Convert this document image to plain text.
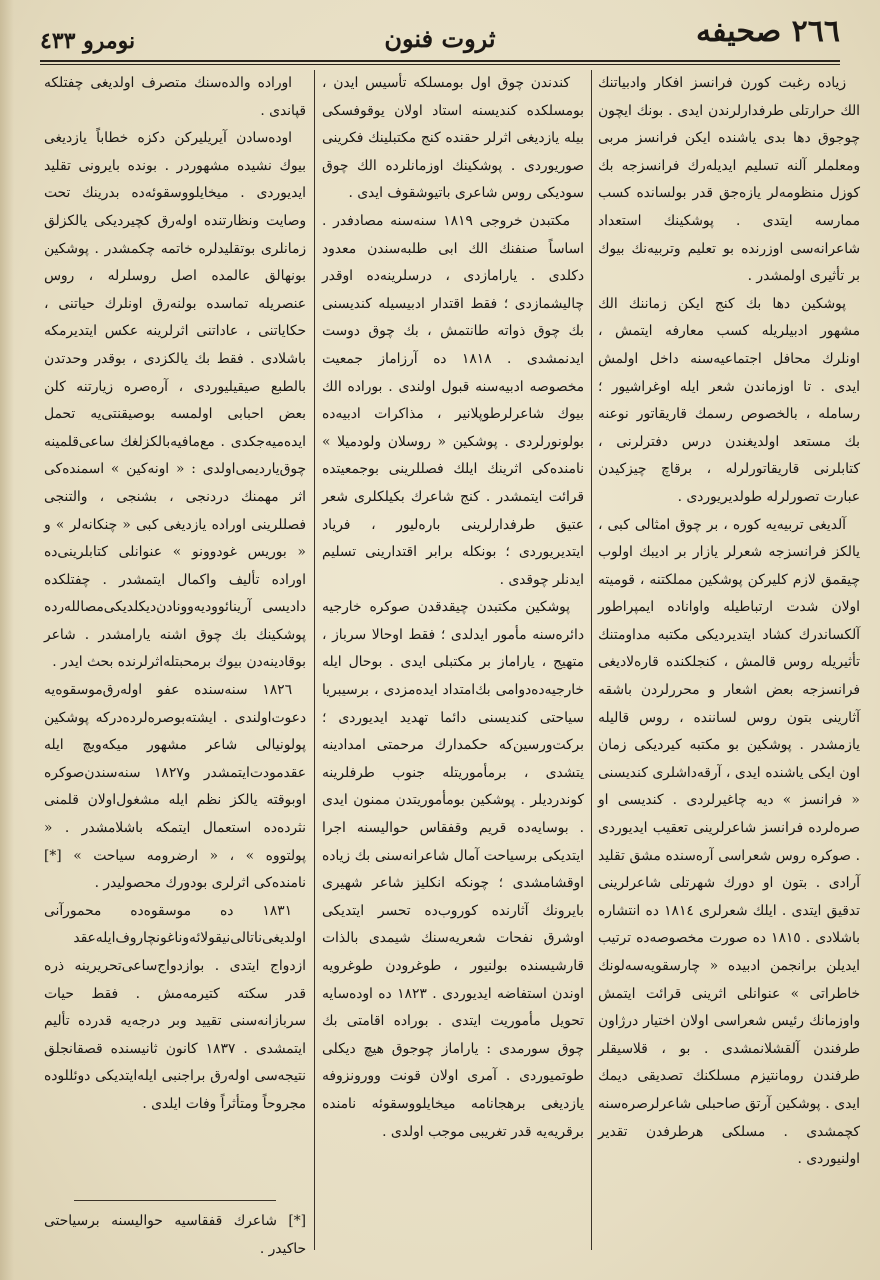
٢٦٦ صحیفه
ثروت فنون
نومرو ٤٣٣

زیاده رغبت کورن فرانسز افکار وادبیاتنك الك حرارتلی طرفدارلرندن ایدی . بونك ایچون چوجوق دها بدی یاشنده ایکن فرانسز مربی ومعلملر آلنه تسلیم ایدیله‌رك فرانسزجه بك کوزل منظومه‌لر یازه‌جق قدر بولسانده کسب ممارسه ایتدی . پوشکینك استعداد شاعرانه‌سی اوزرنده بو تعلیم وتربیه‌نك بیوك بر تأثیری اولمشدر .

پوشکین دها بك کنج ایکن زماننك الك مشهور ادبیلریله کسب معارفه ایتمش ، اونلرك محافل اجتماعیه‌سنه داخل اولمش ایدی . تا اوزماندن شعر ایله اوغراشیور ؛ رسامله ، بالخصوص رسمك قاریقاتور نوعنه بك مستعد اولدیغندن درس دفترلرنی ، کتابلرنی قاریقاتورلرله ، برقاچ چیزکیدن عبارت تصورلرله طولدیریوردی .

آلدیغی تربیه‌یه کوره ، بر چوق امثالی کبی ، یالکز فرانسزجه شعرلر یازار بر ادیبك اولوب چیقمق لازم کلیرکن پوشکین مملکتنه ، قومیته اولان شدت ارتباطیله واواناده ایمپراطور آلکساندرك کشاد ایتدیردیکی مکتبه مداومتنك تأثیریله روس قالمش ، کنجلکنده قارەلادیغی فرانسزجه بعض اشعار و محررلردن باشقه آثارینی بتون روس لساننده ، روس قالیله یازمشدر . پوشکین بو مکتبه کیردیکی زمان اون ایکی یاشنده ایدی ، آرقه‌داشلری کندیسنی « فرانسز » دیه چاغیرلردی . کندیسی او صره‌لرده فرانسز شاعرلرینی تعقیب ایدیوردی . صوکره روس شعراسی آره‌سنده مشق تقلید آرادی . بتون او دورك شهرتلی شاعرلرینی تدقیق ایتدی . ایلك شعرلری ١٨١٤ ده انتشاره باشلادی . ١٨١٥ ده صورت مخصوصه‌ده ترتیب ایدیلن برانجمن ادبیده « چارسقویه‌سه‌لونك خاطراتی » عنوانلی اثرینی قرائت ایتمش واوزمانك رئیس شعراسی اولان اختیار درژاون طرفندن آلقشلانمشدی . بو ، قلاسیقلر طرفندن رومانتیزم مسلکنك تصدیقی دیمك ایدی . پوشکین آرتق صاحبلی شاعرلرصره‌سنه کچمشدی . مسلکی هرطرفدن تقدیر اولنیوردی .

کندندن چوق اول بومسلکه تأسیس ایدن ، بومسلکده کندیسنه استاد اولان یوقوفسکی بیله یازدیغی اثرلر حقنده کنج مکتبلینك فکرینی صوریوردی . پوشکینك اوزمانلرده الك چوق سودیکی روس شاعری باتیوشقوف ایدی .

مکتبدن خروجی ١٨١٩ سنه‌سنه مصادفدر . اساساً صنفنك الك ابی طلبه‌سندن معدود دکلدی . یارامازدی ، درسلرینه‌ده اوقدر چالیشمازدی ؛ فقط اقتدار ادبیسیله کندیسنی بك چوق ذواته طانتمش ، بك چوق دوست ایدنمشدی . ١٨١٨ ده آرزاماز جمعیت مخصوصه ادبیه‌سنه قبول اولندی . بوراده الك بیوك شاعرلرطوپلانیر ، مذاکرات ادبیه‌ده بولونورلردی . پوشکین « روسلان ولودمیلا » نامنده‌کی اثرینك ایلك فصللرینی بوجمعیتده قرائت ایتمشدر . کنج شاعرك بکیلکلری شعر عتیق طرفدارلرینی بارەلیور ، فریاد ایتدیریوردی ؛ بونکله برابر اقتدارینی تسلیم ایدنلر چوقدی .

پوشکین مکتبدن چیقدقدن صوکره خارجیه دائره‌سنه مأمور ایدلدی ؛ فقط اوحالا سرباز ، متهیج ، یاراماز بر مکتبلی ایدی . بوحال ایله خارجیه‌ده‌دوامی بك‌امتداد ایده‌مزدی ، برسیبریا سیاحتی کندیسنی دائما تهدید ایدیوردی ؛ برکت‌ورسین‌که حکمدارك مرحمتی امدادینه یتشدی ، برمأموریتله جنوب طرفلرینه کوندردیلر . پوشکین بومأموریتدن ممنون ایدی . بوسایه‌ده قریم وقفقاس حوالیسنه اجرا ایتدیکی برسیاحت آمال شاعرانه‌سنی بك زیاده اوقشامشدی ؛ چونکه انکلیز شاعر شهیری بایرونك آثارنده کوروب‌ده تحسر ایتدیکی اوشرق نفحات شعریه‌سنك شیمدی بالذات قارشیسنده بولنیور ، طوغرودن طوغرویه اوندن استفاضه ایدیوردی . ١٨٢٣ ده اوده‌سایه تحویل مأموریت ایتدی . بوراده اقامتی بك چوق سورمدی : یاراماز چوجوق هیچ دیکلی طوتمیوردی . آمری اولان قونت وورونزوفه یازدیغی برهجانامه میخایلووسقوئه نامنده برقریه‌یه قدر تغریبی موجب اولدی .

اوراده والده‌سنك متصرف اولدیغی چفتلکه قپاندی .

اوده‌سادن آیریلیرکن دکزه خطاباً یازدیغی بیوك نشیده مشهوردر . بونده بایرونی تقلید ایدیوردی . میخایلووسقوئه‌ده بدرینك تحت وصایت ونظارتنده اوله‌رق کچیردیکی یالکزلق زمانلری بوتقلیدلره خاتمه چکمشدر . پوشکین بونهالق عالمده اصل روسلرله ، روس عنصریله تماسده بولنه‌رق اونلرك حیاتنی ، حکایاتنی ، عاداتنی اثرلرینه عکس ایتدیرمکه باشلادی . فقط بك یالکزدی ، بوقدر وحدتدن بالطبع صیقیلیوردی ، آره‌صره زیارتنه کلن بعض احبابی اولمسه بوصیقنتی‌یه تحمل ایده‌میه‌جکدی . مع‌مافیه‌بالکزلغك ساعی‌قلمینه چوق‌یاردیمی‌اولدی : « اونه‌کین » اسمنده‌کی اثر مهمنك دردنجی ، بشنجی ، والتنجی فصللرینی اوراده یازدیغی کبی « چنکانه‌لر » و « بوریس غودوونو » عنوانلی کتابلرینی‌ده اوراده تألیف واکمال ایتمشدر . چفتلکده دادیسی آرینائوودیه‌وونادن‌دیکلدیکی‌مصالله‌رده پوشکینك بك چوق اشنه یارامشدر . شاعر بوقادینه‌دن بیوك برمحبتله‌اثرلرنده بحث ایدر .

١٨٢٦ سنه‌سنده عفو اوله‌رق‌موسقوه‌یه دعوت‌اولندی . ایشته‌بوصره‌لرده‌درکه پوشکین پولونیالی شاعر مشهور میکه‌ویچ ایله عقدمودت‌ایتمشدر و١٨٢٧ سنه‌سندن‌صوکره اوبوقته یالکز نظم ایله مشغول‌اولان قلمنی نثرده‌ده استعمال ایتمکه باشلامشدر . « پولتووه » ، « ارضرومه سیاحت » [*] نامنده‌کی اثرلری بودورك محصولیدر .

١٨٣١ ده موسقوه‌ده محمور‌آنی اولدیغی‌ناتالی‌نیقولائه‌وناغونچاروف‌ایله‌عقد ازدواج ایتدی . بوازدواج‌ساعی‌تحریرینه ذره قدر سکته کتیرمه‌مش . فقط حیات سربازانه‌سنی تقیید وبر درجه‌یه قدرده تألیم ایتمشدی . ١٨٣٧ کانون ثانیسنده قصقانجلق نتیجه‌سی اوله‌رق براجنبی ایله‌ایتدیکی دوئللوده مجروحاً ومتأثراً وفات ایلدی .

[*] شاعرك قفقاسیه حوالیسنه برسیاحتی حاکیدر .
